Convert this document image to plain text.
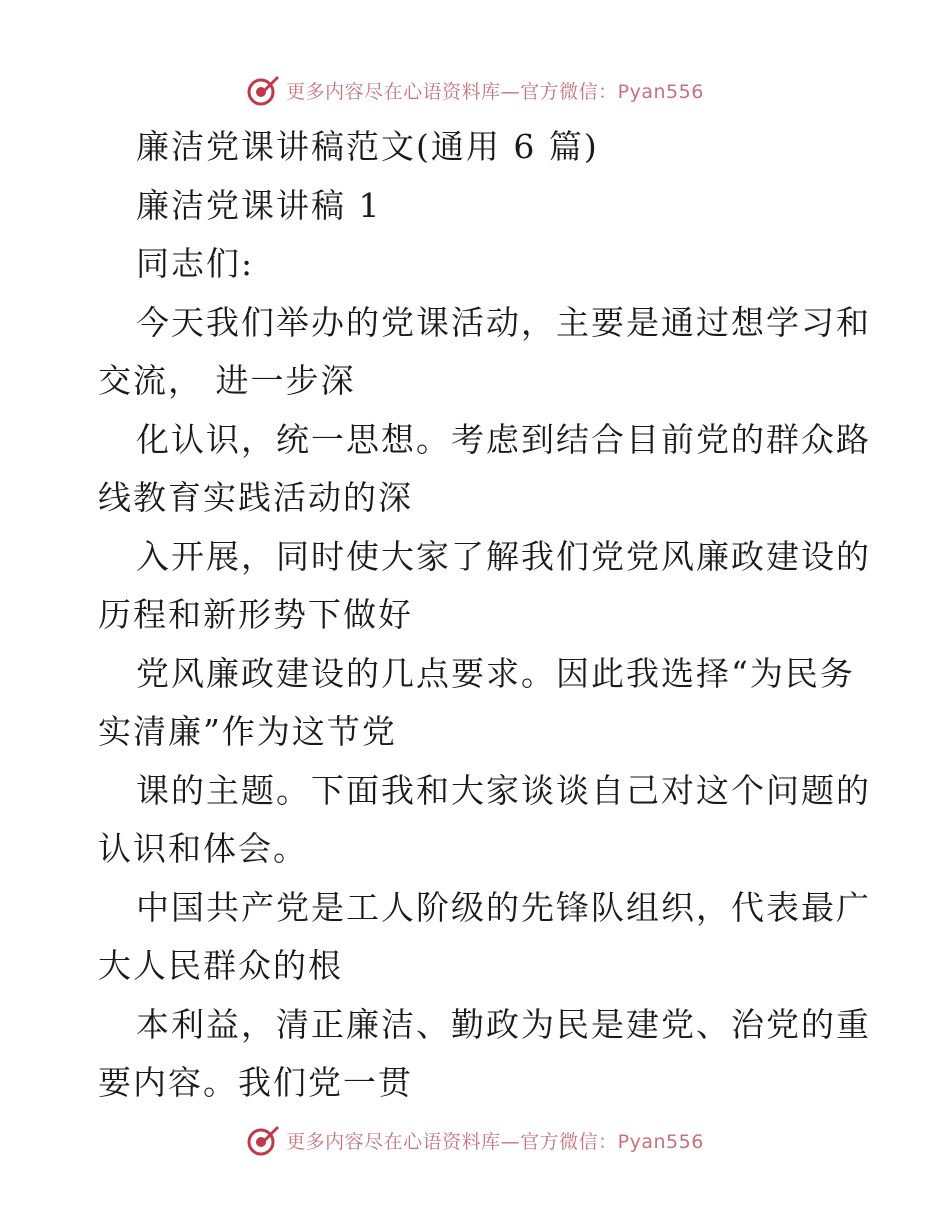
更多内容尽在心语资料库—官方微信：Pyan556
廉洁党课讲稿范文(通用 6 篇)
廉洁党课讲稿 1
同志们:
今天我们举办的党课活动，主要是通过想学习和
交流， 进一步深
化认识，统一思想。考虑到结合目前党的群众路
线教育实践活动的深
入开展，同时使大家了解我们党党风廉政建设的
历程和新形势下做好
党风廉政建设的几点要求。因此我选择“为民务
实清廉”作为这节党
课的主题。下面我和大家谈谈自己对这个问题的
认识和体会。
中国共产党是工人阶级的先锋队组织，代表最广
大人民群众的根
本利益，清正廉洁、勤政为民是建党、治党的重
要内容。我们党一贯
更多内容尽在心语资料库—官方微信：Pyan556
